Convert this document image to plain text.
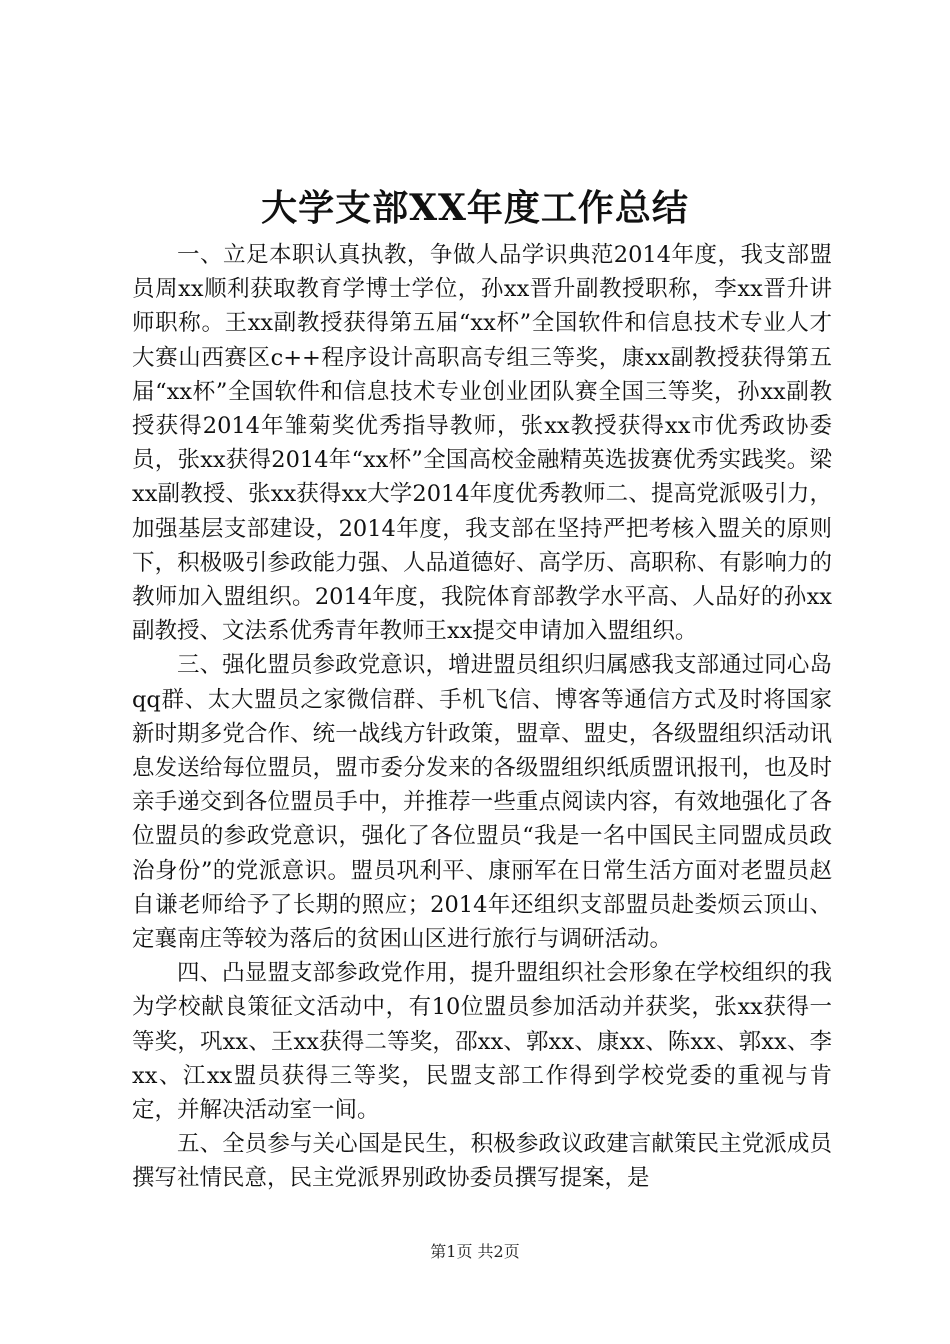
大学支部XX年度工作总结

一、立足本职认真执教，争做人品学识典范2014年度，我支部盟员周xx顺利获取教育学博士学位，孙xx晋升副教授职称，李xx晋升讲师职称。王xx副教授获得第五届“xx杯”全国软件和信息技术专业人才大赛山西赛区c++程序设计高职高专组三等奖，康xx副教授获得第五届“xx杯”全国软件和信息技术专业创业团队赛全国三等奖，孙xx副教授获得2014年雏菊奖优秀指导教师，张xx教授获得xx市优秀政协委员，张xx获得2014年“xx杯”全国高校金融精英选拔赛优秀实践奖。梁xx副教授、张xx获得xx大学2014年度优秀教师二、提高党派吸引力，加强基层支部建设，2014年度，我支部在坚持严把考核入盟关的原则下，积极吸引参政能力强、人品道德好、高学历、高职称、有影响力的教师加入盟组织。2014年度，我院体育部教学水平高、人品好的孙xx副教授、文法系优秀青年教师王xx提交申请加入盟组织。

三、强化盟员参政党意识，增进盟员组织归属感我支部通过同心岛qq群、太大盟员之家微信群、手机飞信、博客等通信方式及时将国家新时期多党合作、统一战线方针政策，盟章、盟史，各级盟组织活动讯息发送给每位盟员，盟市委分发来的各级盟组织纸质盟讯报刊，也及时亲手递交到各位盟员手中，并推荐一些重点阅读内容，有效地强化了各位盟员的参政党意识，强化了各位盟员“我是一名中国民主同盟成员政治身份”的党派意识。盟员巩利平、康丽军在日常生活方面对老盟员赵自谦老师给予了长期的照应；2014年还组织支部盟员赴娄烦云顶山、定襄南庄等较为落后的贫困山区进行旅行与调研活动。

四、凸显盟支部参政党作用，提升盟组织社会形象在学校组织的我为学校献良策征文活动中，有10位盟员参加活动并获奖，张xx获得一等奖，巩xx、王xx获得二等奖，邵xx、郭xx、康xx、陈xx、郭xx、李xx、江xx盟员获得三等奖，民盟支部工作得到学校党委的重视与肯定，并解决活动室一间。

五、全员参与关心国是民生，积极参政议政建言献策民主党派成员撰写社情民意，民主党派界别政协委员撰写提案，是

第1页 共2页
